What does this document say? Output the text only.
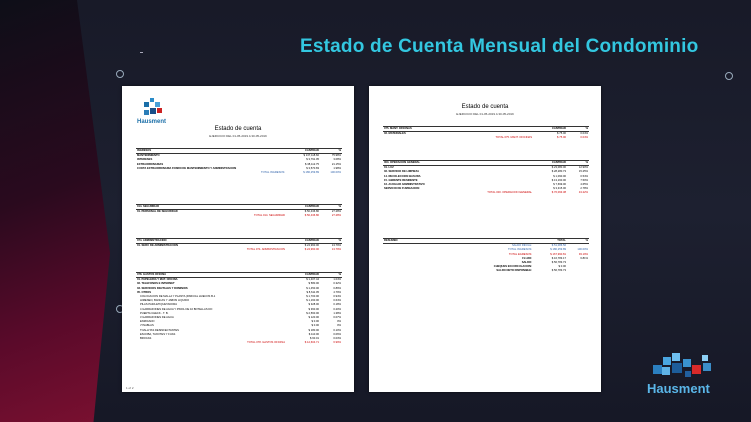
Estado de Cuenta Mensual del Condominio
Hausment
Estado de cuenta
EJERCICIO DEL 01-05-2019 A 30-05-2019
INGRESOS	CANTIDAD	%
MANTENIMIENTO	$ 137,118.82	75.98%
INTERESES	$ 3,791.05	3.08%
EXTRAORDINARIAS	$ 38,112.75	21.15%
CUOTA EXTRAORDINARIA FONDO DE MANTENIMIENTO Y ADMINISTRACION	$ 3,570.83	1.98%
TOTAL INGRESOS:	$ 180,259.89	100.00%
014. SEGURIDAD	CANTIDAD	%
01. PERSONAL DE SEGURIDAD	$ 50,436.80	27.28%
TOTAL 014. SEGURIDAD	$ 50,436.80	27.28%
074. ADMINISTRACIÓN	CANTIDAD	%
01. SERV. DE ADMINISTRACIÓN	$ 24,960.00	13.79%
TOTAL 074. ADMINISTRACIÓN	$ 24,960.00	13.79%
078. GASTOS OFICINA	CANTIDAD	%
01. PAPELERIA Y MAT. OFICINA	$ 1,407.44	1.04%
02. TELÉFONOS E INTERNET	$ 580.00	0.32%
03. SERVICIOS DIGITALES Y DOMINIOS	$ 1,450.00	0.89%
05. OTROS	$ 8,611.05	4.79%
COLOCACIÓN DE MALLA Y PLANTA (PARCIAL HUECOS B-1	$ 1,700.00	0.94%
HIMENEO, BANCAS Y JABÓN LIQUIDO	$ 1,160.00	0.64%
PILAS PARA ETIQUETADORA	$ 328.00	0.18%
4 GARRAFONES DE AGUA Y PINOL DE 10 BOTELLAS DO	$ 360.00	0.20%
PUERTA CHECK - T. B.	$ 2,560.00	1.38%
3 GARRAFONES DE AGUA	$ 120.00	0.07%
ENMICADO	$ 0.00	0%
JYNABLAS	$ 0.00	0%
TOALLITAS DESINFECTANTES	$ 180.00	0.10%
ESCOBA, TAXOTES Y FUAS	$ 110.00	0.06%
BROCAS	$ 60.01	0.03%
TOTAL 078. GASTOS OFICINA	$ 12,604.71	6.99%
1 of 2
Estado de cuenta
EJERCICIO DEL 01-05-2019 A 30-05-2019
075. MANT. OFICINAS	CANTIDAD	%
02. MATERIALES	$ 75.00	0.04%
TOTAL 075. MANT. OFICINAS	$ 75.00	0.04%
000. OPERACIÓN GENERAL	CANTIDAD	%
01. LUZ	$ 23,080.00	12.90%
02. SERVICIO DE LIMPIEZA	$ 28,280.73	15.25%
14. RECOLECCIÓN BASURA	$ 1,090.00	0.54%
15. GERENTE RESIDENTE	$ 13,160.00	7.50%
16. AUXILIAR ADMINISTRATIVO	$ 7,699.00	4.65%
SERVICIO DE FUMIGACIÓN	$ 3,315.00	2.78%
TOTAL 000. OPERACIÓN GENERAL	$ 76,093.38	43.22%
RESUMEN	TOTAL	%
SALDO INICIAL:	$ 51,086.56	
TOTAL INGRESOS:	$ 180,259.89	100.00%
TOTAL EGRESOS:	$ 167,990.81	93.19%
FLUJO:	$ 16,783.17	6.81%
SALDO:	$ 56,783.73	
CHEQUES EN CIRCULACIÓN:	$ 0.00	
SALDO NETO DISPONIBLE:	$ 56,783.73	
Hausment
